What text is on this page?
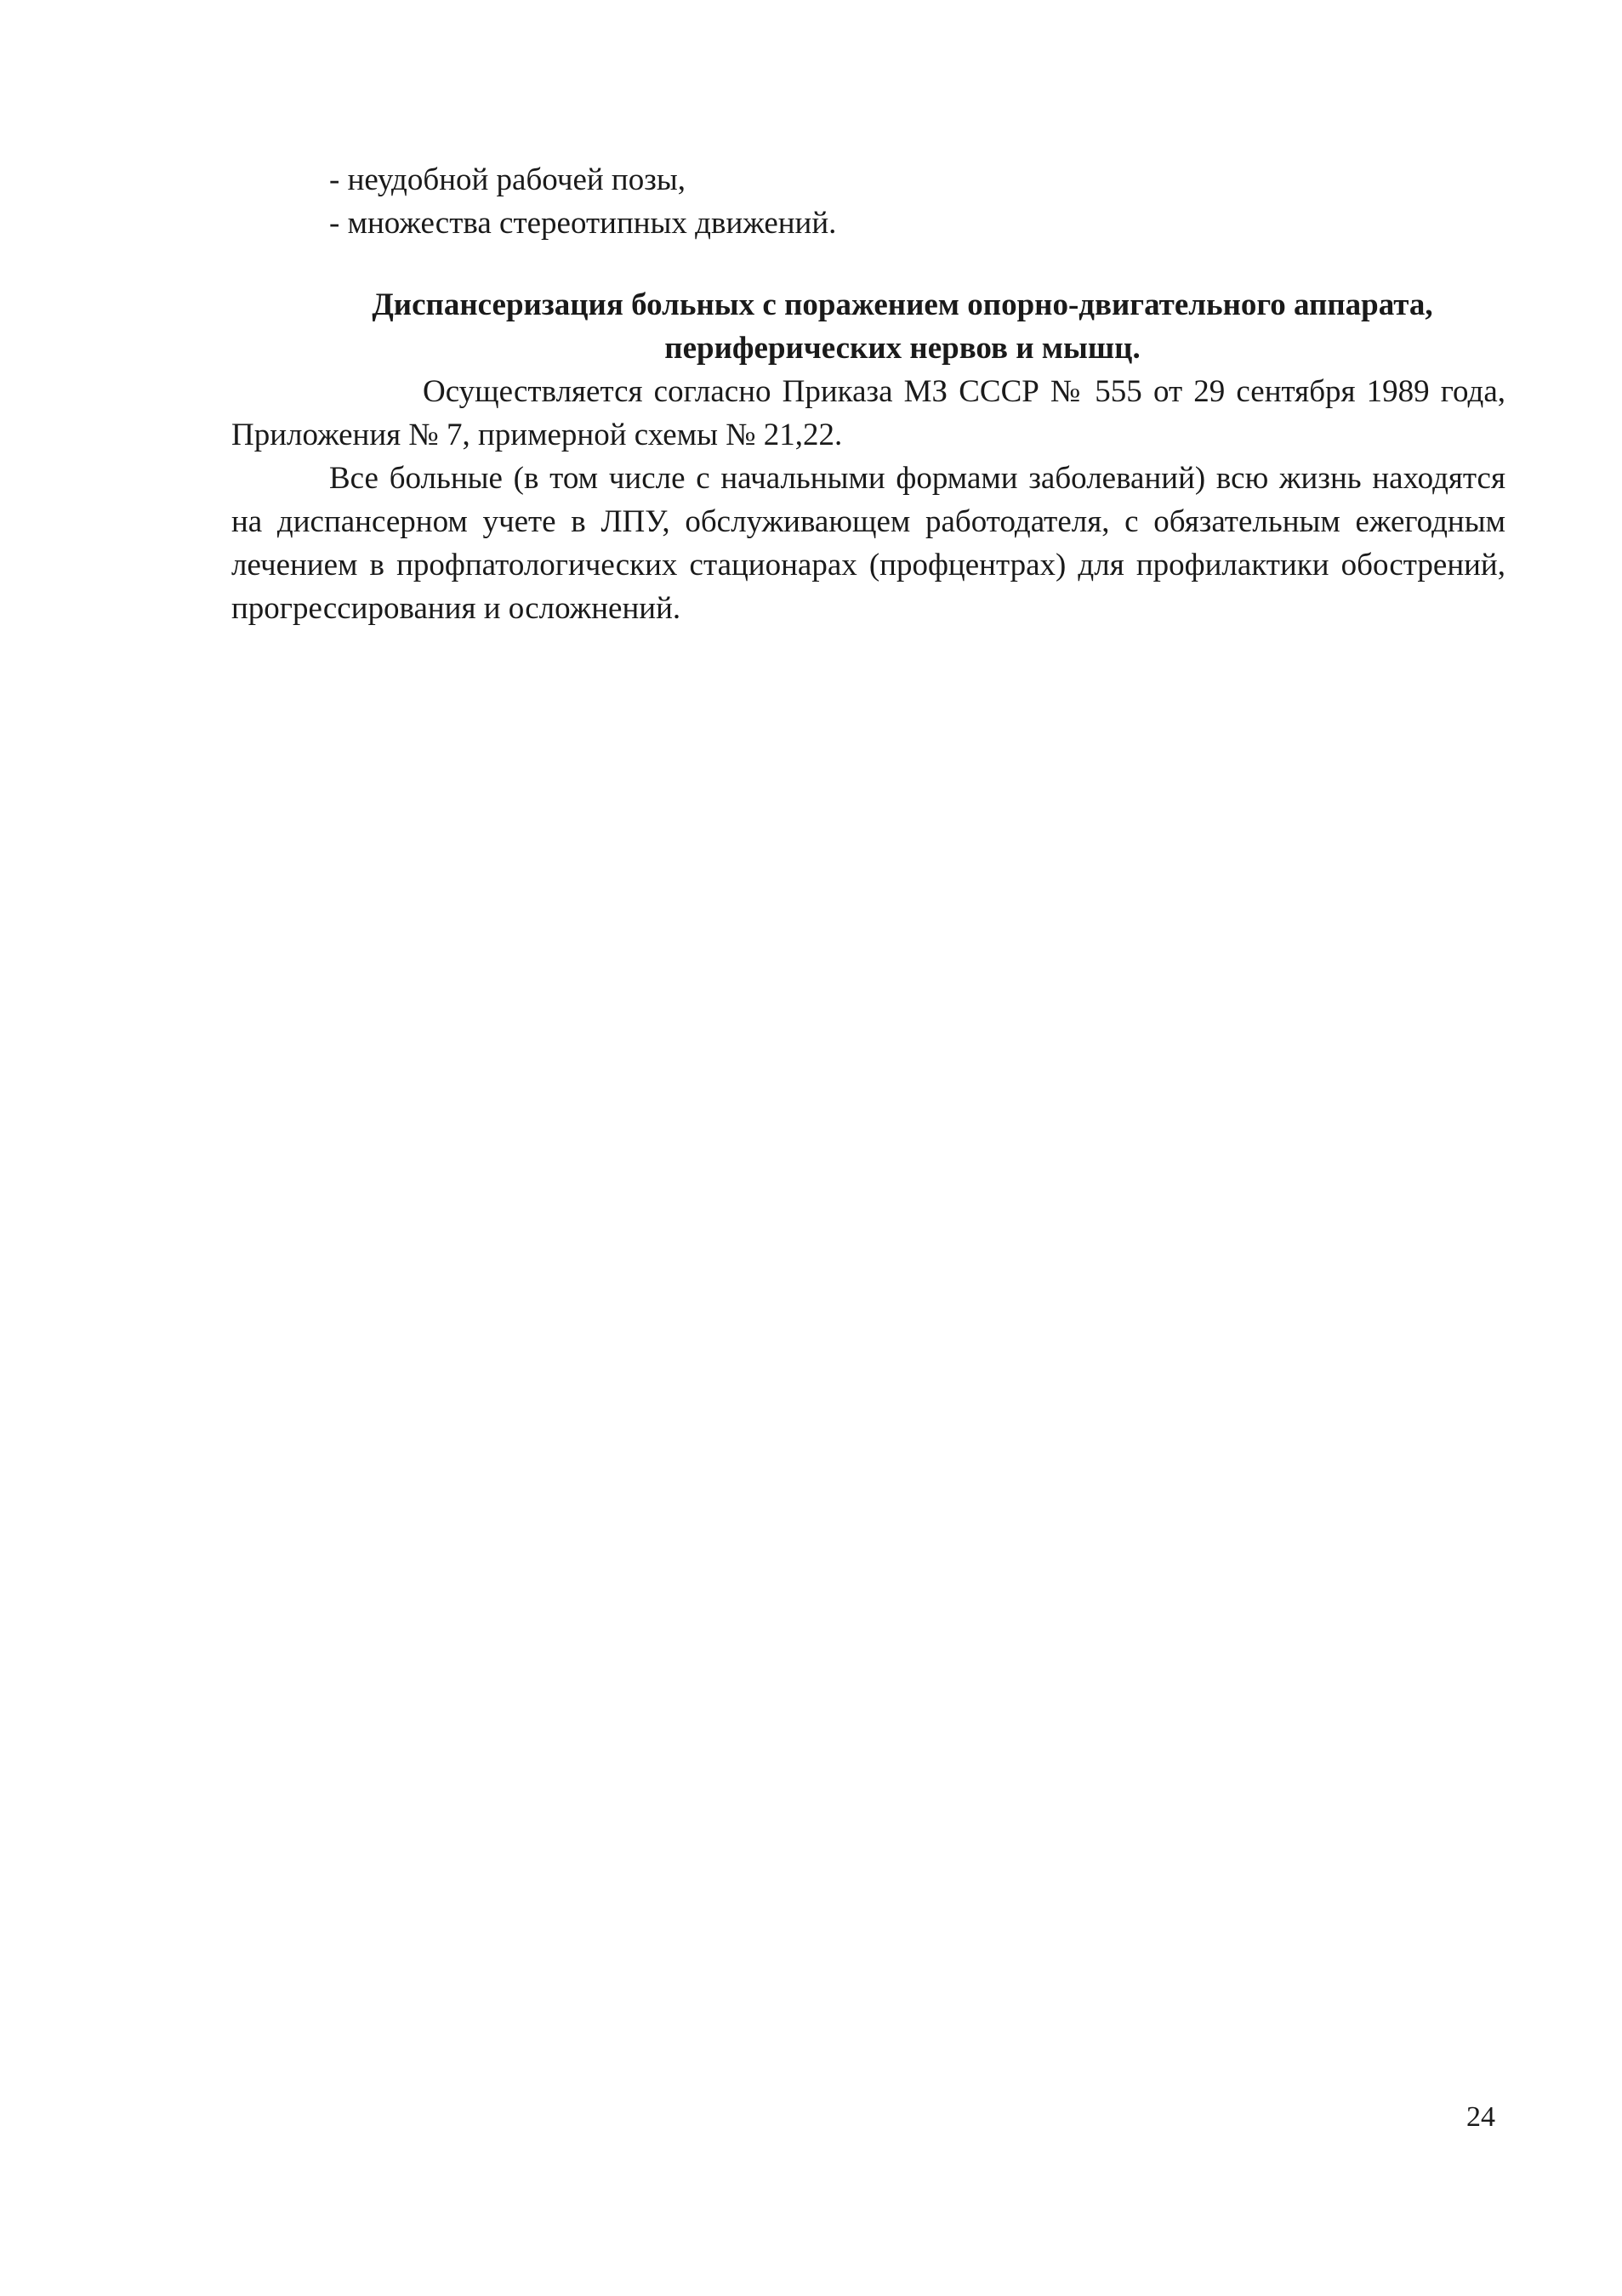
- неудобной рабочей позы,
- множества стереотипных движений.
Диспансеризация больных с поражением опорно-двигательного аппарата,
периферических нервов и мышц.

Осуществляется согласно Приказа МЗ СССР № 555 от 29 сентября 1989 года, Приложения № 7, примерной схемы № 21,22.

Все больные (в том числе с начальными формами заболеваний) всю жизнь находятся на диспансерном учете в ЛПУ, обслуживающем работодателя, с обязательным ежегодным лечением в профпатологических стационарах (профцентрах) для профилактики обострений, прогрессирования и осложнений.

24
